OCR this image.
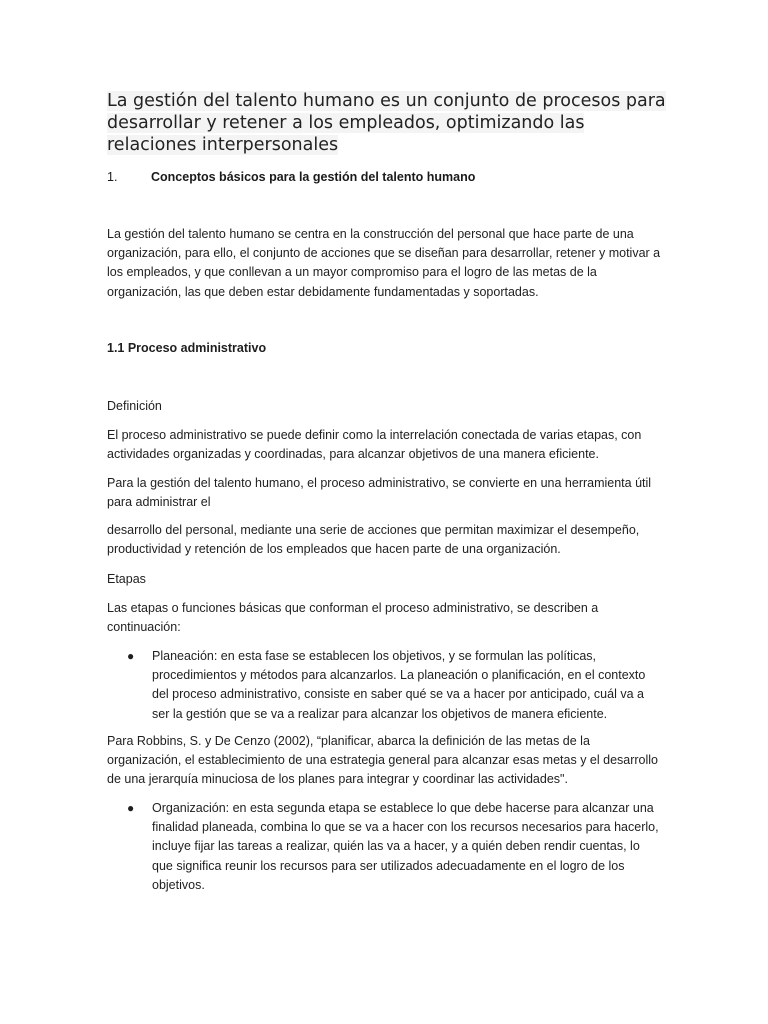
La gestión del talento humano es un conjunto de procesos para desarrollar y retener a los empleados, optimizando las relaciones interpersonales
1.	Conceptos básicos para la gestión del talento humano

La gestión del talento humano se centra en la construcción del personal que hace parte de una organización, para ello, el conjunto de acciones que se diseñan para desarrollar, retener y motivar a los empleados, y que conllevan a un mayor compromiso para el logro de las metas de la organización, las que deben estar debidamente fundamentadas y soportadas.

1.1 Proceso administrativo

Definición

El proceso administrativo se puede definir como la interrelación conectada de varias etapas, con actividades organizadas y coordinadas, para alcanzar objetivos de una manera eficiente.

Para la gestión del talento humano, el proceso administrativo, se convierte en una herramienta útil para administrar el

desarrollo del personal, mediante una serie de acciones que permitan maximizar el desempeño, productividad y retención de los empleados que hacen parte de una organización.

Etapas

Las etapas o funciones básicas que conforman el proceso administrativo, se describen a continuación:

● Planeación: en esta fase se establecen los objetivos, y se formulan las políticas, procedimientos y métodos para alcanzarlos. La planeación o planificación, en el contexto del proceso administrativo, consiste en saber qué se va a hacer por anticipado, cuál va a ser la gestión que se va a realizar para alcanzar los objetivos de manera eficiente.

Para Robbins, S. y De Cenzo (2002), “planificar, abarca la definición de las metas de la organización, el establecimiento de una estrategia general para alcanzar esas metas y el desarrollo de una jerarquía minuciosa de los planes para integrar y coordinar las actividades".

● Organización: en esta segunda etapa se establece lo que debe hacerse para alcanzar una finalidad planeada, combina lo que se va a hacer con los recursos necesarios para hacerlo, incluye fijar las tareas a realizar, quién las va a hacer, y a quién deben rendir cuentas, lo que significa reunir los recursos para ser utilizados adecuadamente en el logro de los objetivos.
